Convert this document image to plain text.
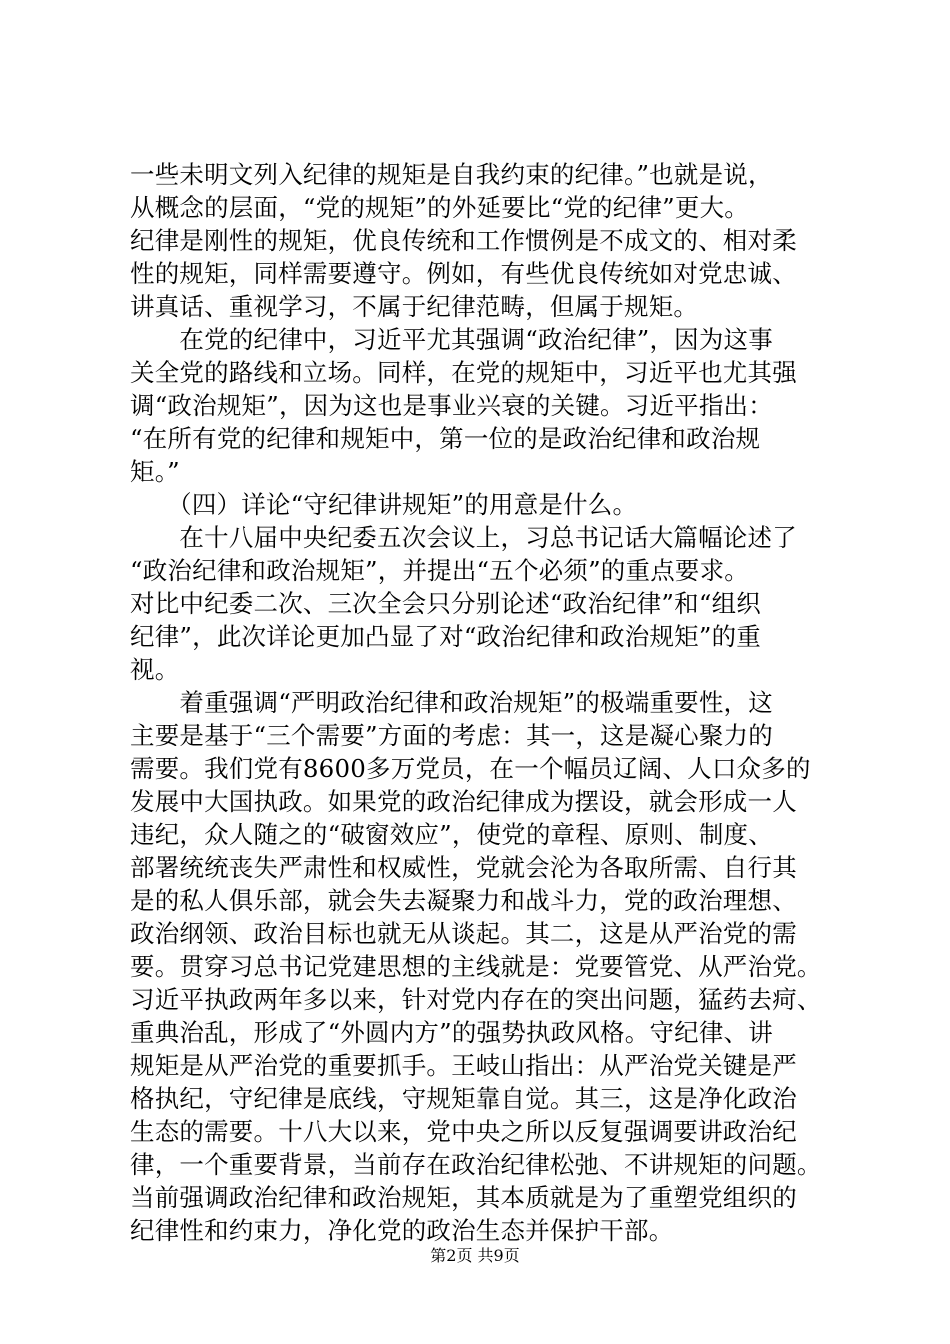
一些未明文列入纪律的规矩是自我约束的纪律。”也就是说，
从概念的层面，“党的规矩”的外延要比“党的纪律”更大。
纪律是刚性的规矩，优良传统和工作惯例是不成文的、相对柔
性的规矩，同样需要遵守。例如，有些优良传统如对党忠诚、
讲真话、重视学习，不属于纪律范畴，但属于规矩。
　　在党的纪律中，习近平尤其强调“政治纪律”，因为这事
关全党的路线和立场。同样，在党的规矩中，习近平也尤其强
调“政治规矩”，因为这也是事业兴衰的关键。习近平指出：
“在所有党的纪律和规矩中，第一位的是政治纪律和政治规
矩。”
　　（四）详论“守纪律讲规矩”的用意是什么。
　　在十八届中央纪委五次会议上，习总书记话大篇幅论述了
“政治纪律和政治规矩”，并提出“五个必须”的重点要求。
对比中纪委二次、三次全会只分别论述“政治纪律”和“组织
纪律”，此次详论更加凸显了对“政治纪律和政治规矩”的重
视。
　　着重强调“严明政治纪律和政治规矩”的极端重要性，这
主要是基于“三个需要”方面的考虑：其一，这是凝心聚力的
需要。我们党有8600多万党员，在一个幅员辽阔、人口众多的
发展中大国执政。如果党的政治纪律成为摆设，就会形成一人
违纪，众人随之的“破窗效应”，使党的章程、原则、制度、
部署统统丧失严肃性和权威性，党就会沦为各取所需、自行其
是的私人俱乐部，就会失去凝聚力和战斗力，党的政治理想、
政治纲领、政治目标也就无从谈起。其二，这是从严治党的需
要。贯穿习总书记党建思想的主线就是：党要管党、从严治党。
习近平执政两年多以来，针对党内存在的突出问题，猛药去疴、
重典治乱，形成了“外圆内方”的强势执政风格。守纪律、讲
规矩是从严治党的重要抓手。王岐山指出：从严治党关键是严
格执纪，守纪律是底线，守规矩靠自觉。其三，这是净化政治
生态的需要。十八大以来，党中央之所以反复强调要讲政治纪
律，一个重要背景，当前存在政治纪律松弛、不讲规矩的问题。
当前强调政治纪律和政治规矩，其本质就是为了重塑党组织的
纪律性和约束力，净化党的政治生态并保护干部。
第2页 共9页
